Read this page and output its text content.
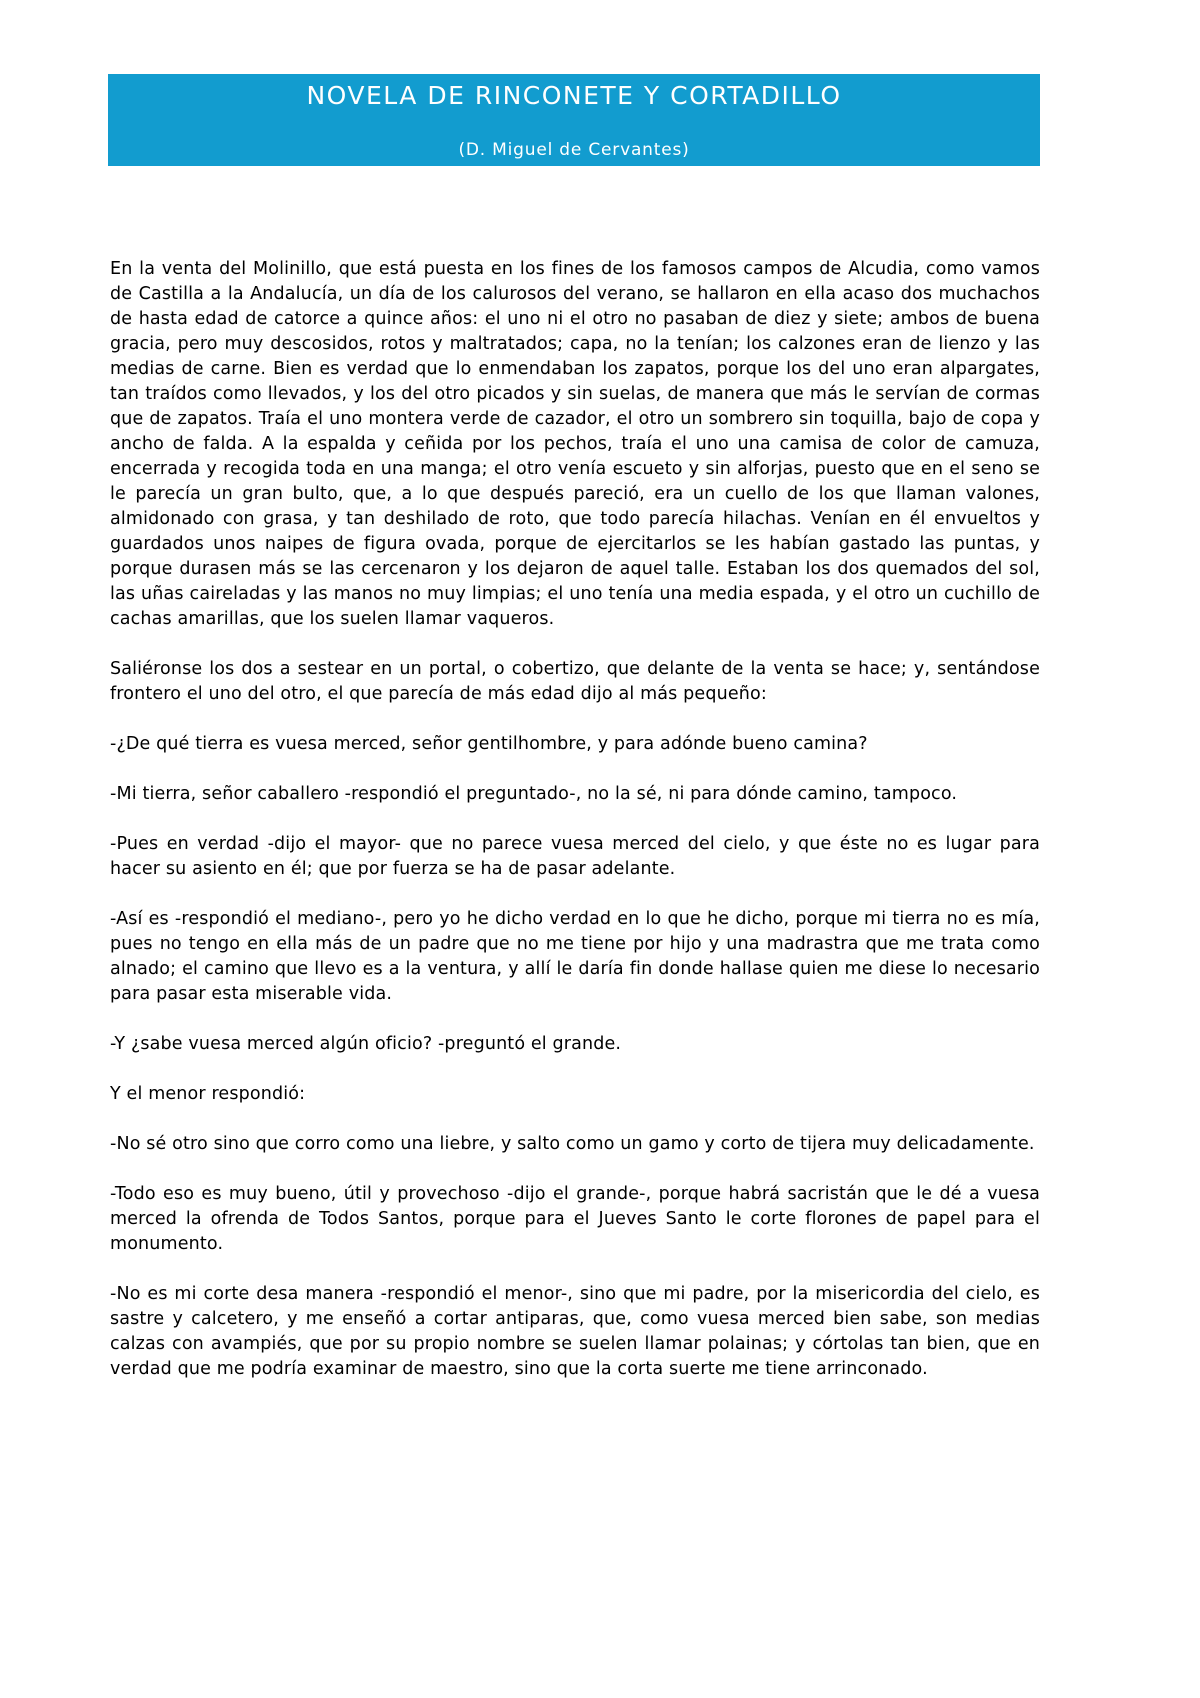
NOVELA DE RINCONETE Y CORTADILLO
(D. Miguel de Cervantes)

En la venta del Molinillo, que está puesta en los fines de los famosos campos de Alcudia, como vamos de Castilla a la Andalucía, un día de los calurosos del verano, se hallaron en ella acaso dos muchachos de hasta edad de catorce a quince años: el uno ni el otro no pasaban de diez y siete; ambos de buena gracia, pero muy descosidos, rotos y maltratados; capa, no la tenían; los calzones eran de lienzo y las medias de carne. Bien es verdad que lo enmendaban los zapatos, porque los del uno eran alpargates, tan traídos como llevados, y los del otro picados y sin suelas, de manera que más le servían de cormas que de zapatos. Traía el uno montera verde de cazador, el otro un sombrero sin toquilla, bajo de copa y ancho de falda. A la espalda y ceñida por los pechos, traía el uno una camisa de color de camuza, encerrada y recogida toda en una manga; el otro venía escueto y sin alforjas, puesto que en el seno se le parecía un gran bulto, que, a lo que después pareció, era un cuello de los que llaman valones, almidonado con grasa, y tan deshilado de roto, que todo parecía hilachas. Venían en él envueltos y guardados unos naipes de figura ovada, porque de ejercitarlos se les habían gastado las puntas, y porque durasen más se las cercenaron y los dejaron de aquel talle. Estaban los dos quemados del sol, las uñas caireladas y las manos no muy limpias; el uno tenía una media espada, y el otro un cuchillo de cachas amarillas, que los suelen llamar vaqueros.

Saliéronse los dos a sestear en un portal, o cobertizo, que delante de la venta se hace; y, sentándose frontero el uno del otro, el que parecía de más edad dijo al más pequeño:

-¿De qué tierra es vuesa merced, señor gentilhombre, y para adónde bueno camina?

-Mi tierra, señor caballero -respondió el preguntado-, no la sé, ni para dónde camino, tampoco.

-Pues en verdad -dijo el mayor- que no parece vuesa merced del cielo, y que éste no es lugar para hacer su asiento en él; que por fuerza se ha de pasar adelante.

-Así es -respondió el mediano-, pero yo he dicho verdad en lo que he dicho, porque mi tierra no es mía, pues no tengo en ella más de un padre que no me tiene por hijo y una madrastra que me trata como alnado; el camino que llevo es a la ventura, y allí le daría fin donde hallase quien me diese lo necesario para pasar esta miserable vida.

-Y ¿sabe vuesa merced algún oficio? -preguntó el grande.

Y el menor respondió:

-No sé otro sino que corro como una liebre, y salto como un gamo y corto de tijera muy delicadamente.

-Todo eso es muy bueno, útil y provechoso -dijo el grande-, porque habrá sacristán que le dé a vuesa merced la ofrenda de Todos Santos, porque para el Jueves Santo le corte florones de papel para el monumento.

-No es mi corte desa manera -respondió el menor-, sino que mi padre, por la misericordia del cielo, es sastre y calcetero, y me enseñó a cortar antiparas, que, como vuesa merced bien sabe, son medias calzas con avampiés, que por su propio nombre se suelen llamar polainas; y córtolas tan bien, que en verdad que me podría examinar de maestro, sino que la corta suerte me tiene arrinconado.
